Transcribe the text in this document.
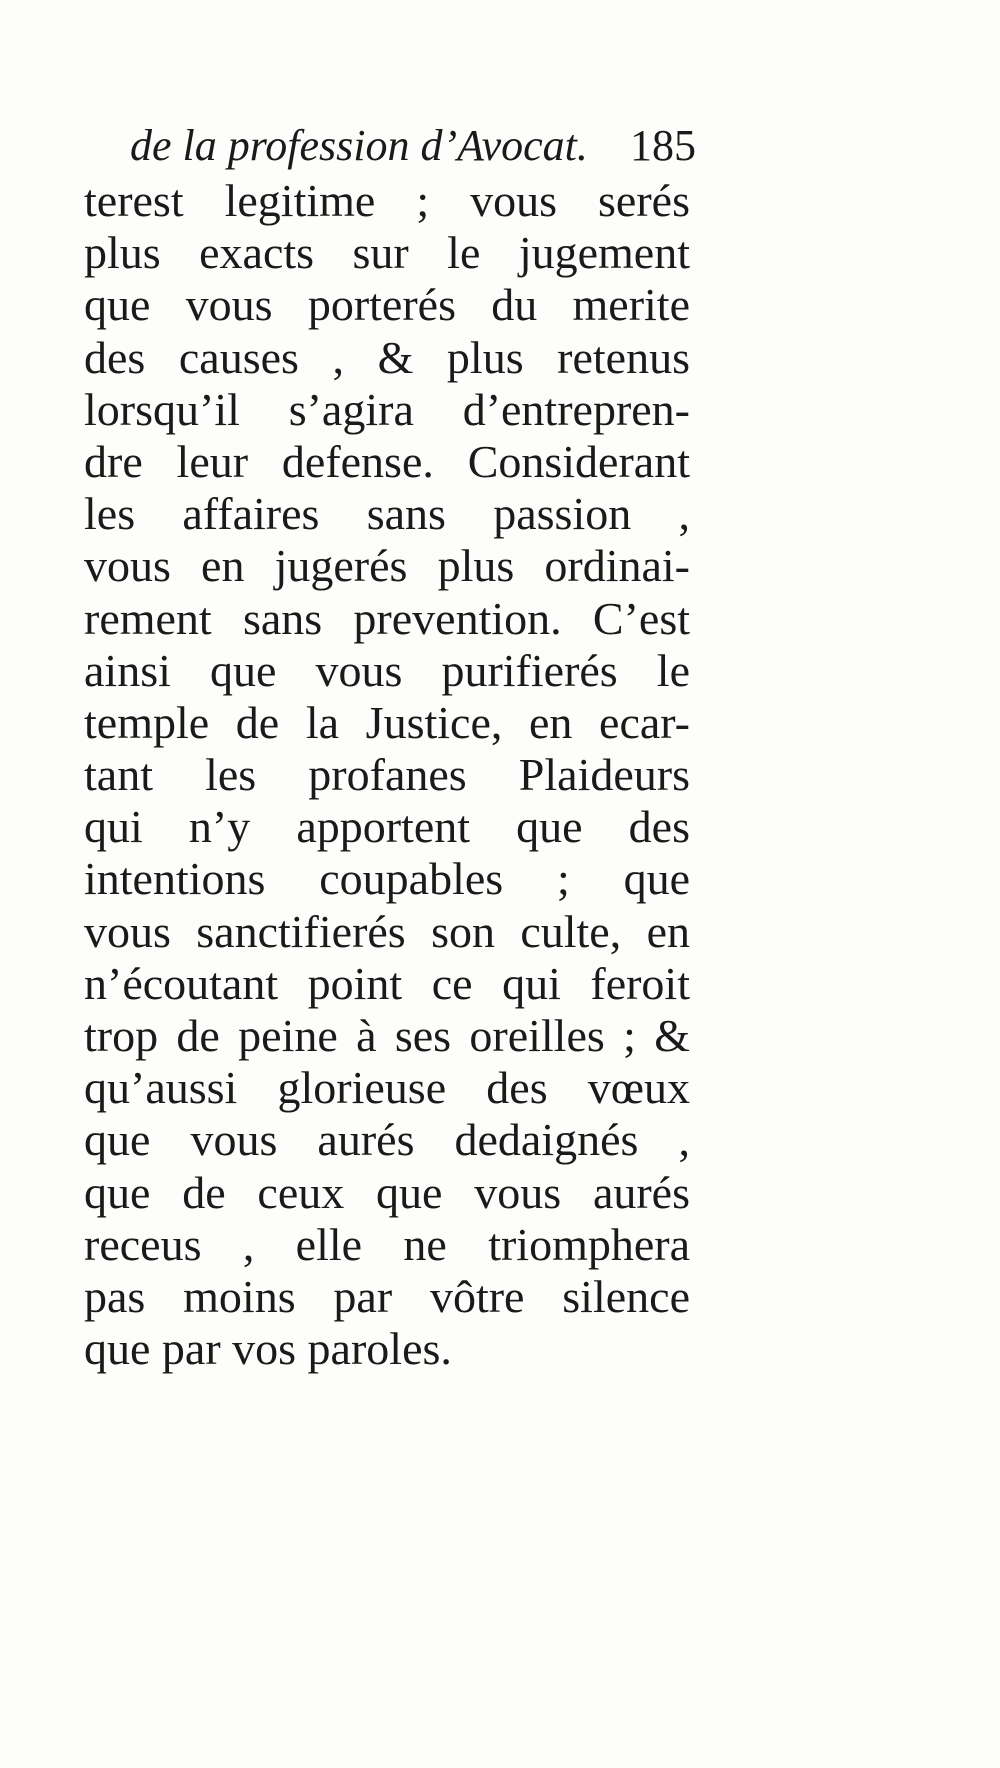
de la profession d’Avocat. 185
terest legitime ; vous serés
plus exacts sur le jugement
que vous porterés du merite
des causes , & plus retenus
lorsqu’il s’agira d’entrepren-
dre leur defense. Considerant
les affaires sans passion ,
vous en jugerés plus ordinai-
rement sans prevention. C’est
ainsi que vous purifierés le
temple de la Justice, en ecar-
tant les profanes Plaideurs
qui n’y apportent que des
intentions coupables ; que
vous sanctifierés son culte, en
n’écoutant point ce qui feroit
trop de peine à ses oreilles ; &
qu’aussi glorieuse des vœux
que vous aurés dedaignés ,
que de ceux que vous aurés
receus , elle ne triomphera
pas moins par vôtre silence
que par vos paroles.
